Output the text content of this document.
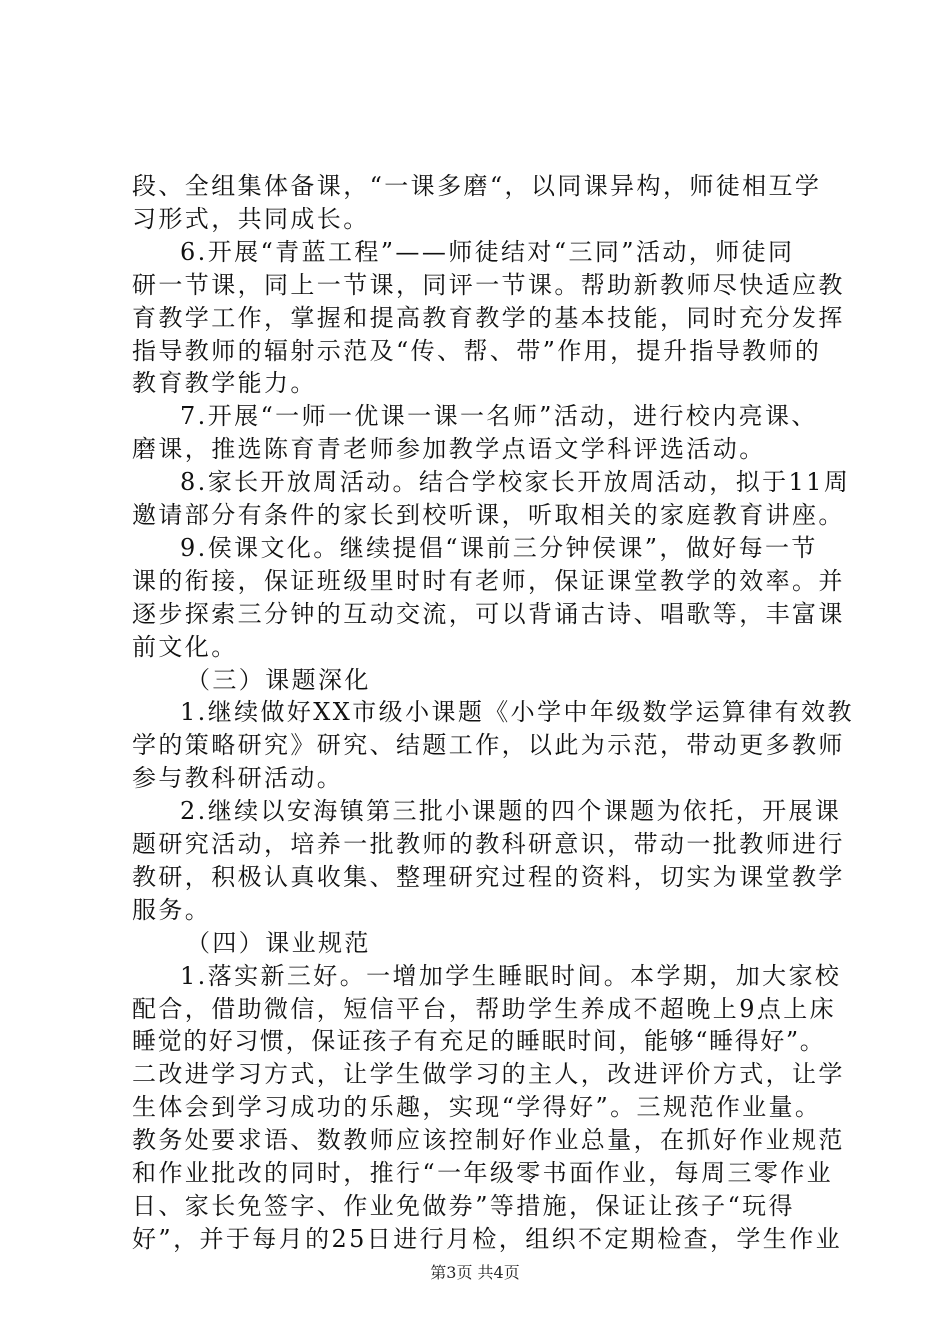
段、全组集体备课，“一课多磨“，以同课异构，师徒相互学
习形式，共同成长。
6.开展“青蓝工程”——师徒结对“三同”活动，师徒同
研一节课，同上一节课，同评一节课。帮助新教师尽快适应教
育教学工作，掌握和提高教育教学的基本技能，同时充分发挥
指导教师的辐射示范及“传、帮、带”作用，提升指导教师的
教育教学能力。
7.开展“一师一优课一课一名师”活动，进行校内亮课、
磨课，推选陈育青老师参加教学点语文学科评选活动。
8.家长开放周活动。结合学校家长开放周活动，拟于11周
邀请部分有条件的家长到校听课，听取相关的家庭教育讲座。
9.侯课文化。继续提倡“课前三分钟侯课”，做好每一节
课的衔接，保证班级里时时有老师，保证课堂教学的效率。并
逐步探索三分钟的互动交流，可以背诵古诗、唱歌等，丰富课
前文化。
（三）课题深化
1.继续做好XX市级小课题《小学中年级数学运算律有效教
学的策略研究》研究、结题工作，以此为示范，带动更多教师
参与教科研活动。
2.继续以安海镇第三批小课题的四个课题为依托，开展课
题研究活动，培养一批教师的教科研意识，带动一批教师进行
教研，积极认真收集、整理研究过程的资料，切实为课堂教学
服务。
（四）课业规范
1.落实新三好。一增加学生睡眠时间。本学期，加大家校
配合，借助微信，短信平台，帮助学生养成不超晚上9点上床
睡觉的好习惯，保证孩子有充足的睡眠时间，能够“睡得好”。
二改进学习方式，让学生做学习的主人，改进评价方式，让学
生体会到学习成功的乐趣，实现“学得好”。三规范作业量。
教务处要求语、数教师应该控制好作业总量，在抓好作业规范
和作业批改的同时，推行“一年级零书面作业，每周三零作业
日、家长免签字、作业免做券”等措施，保证让孩子“玩得
好”，并于每月的25日进行月检，组织不定期检查，学生作业
第3页 共4页
